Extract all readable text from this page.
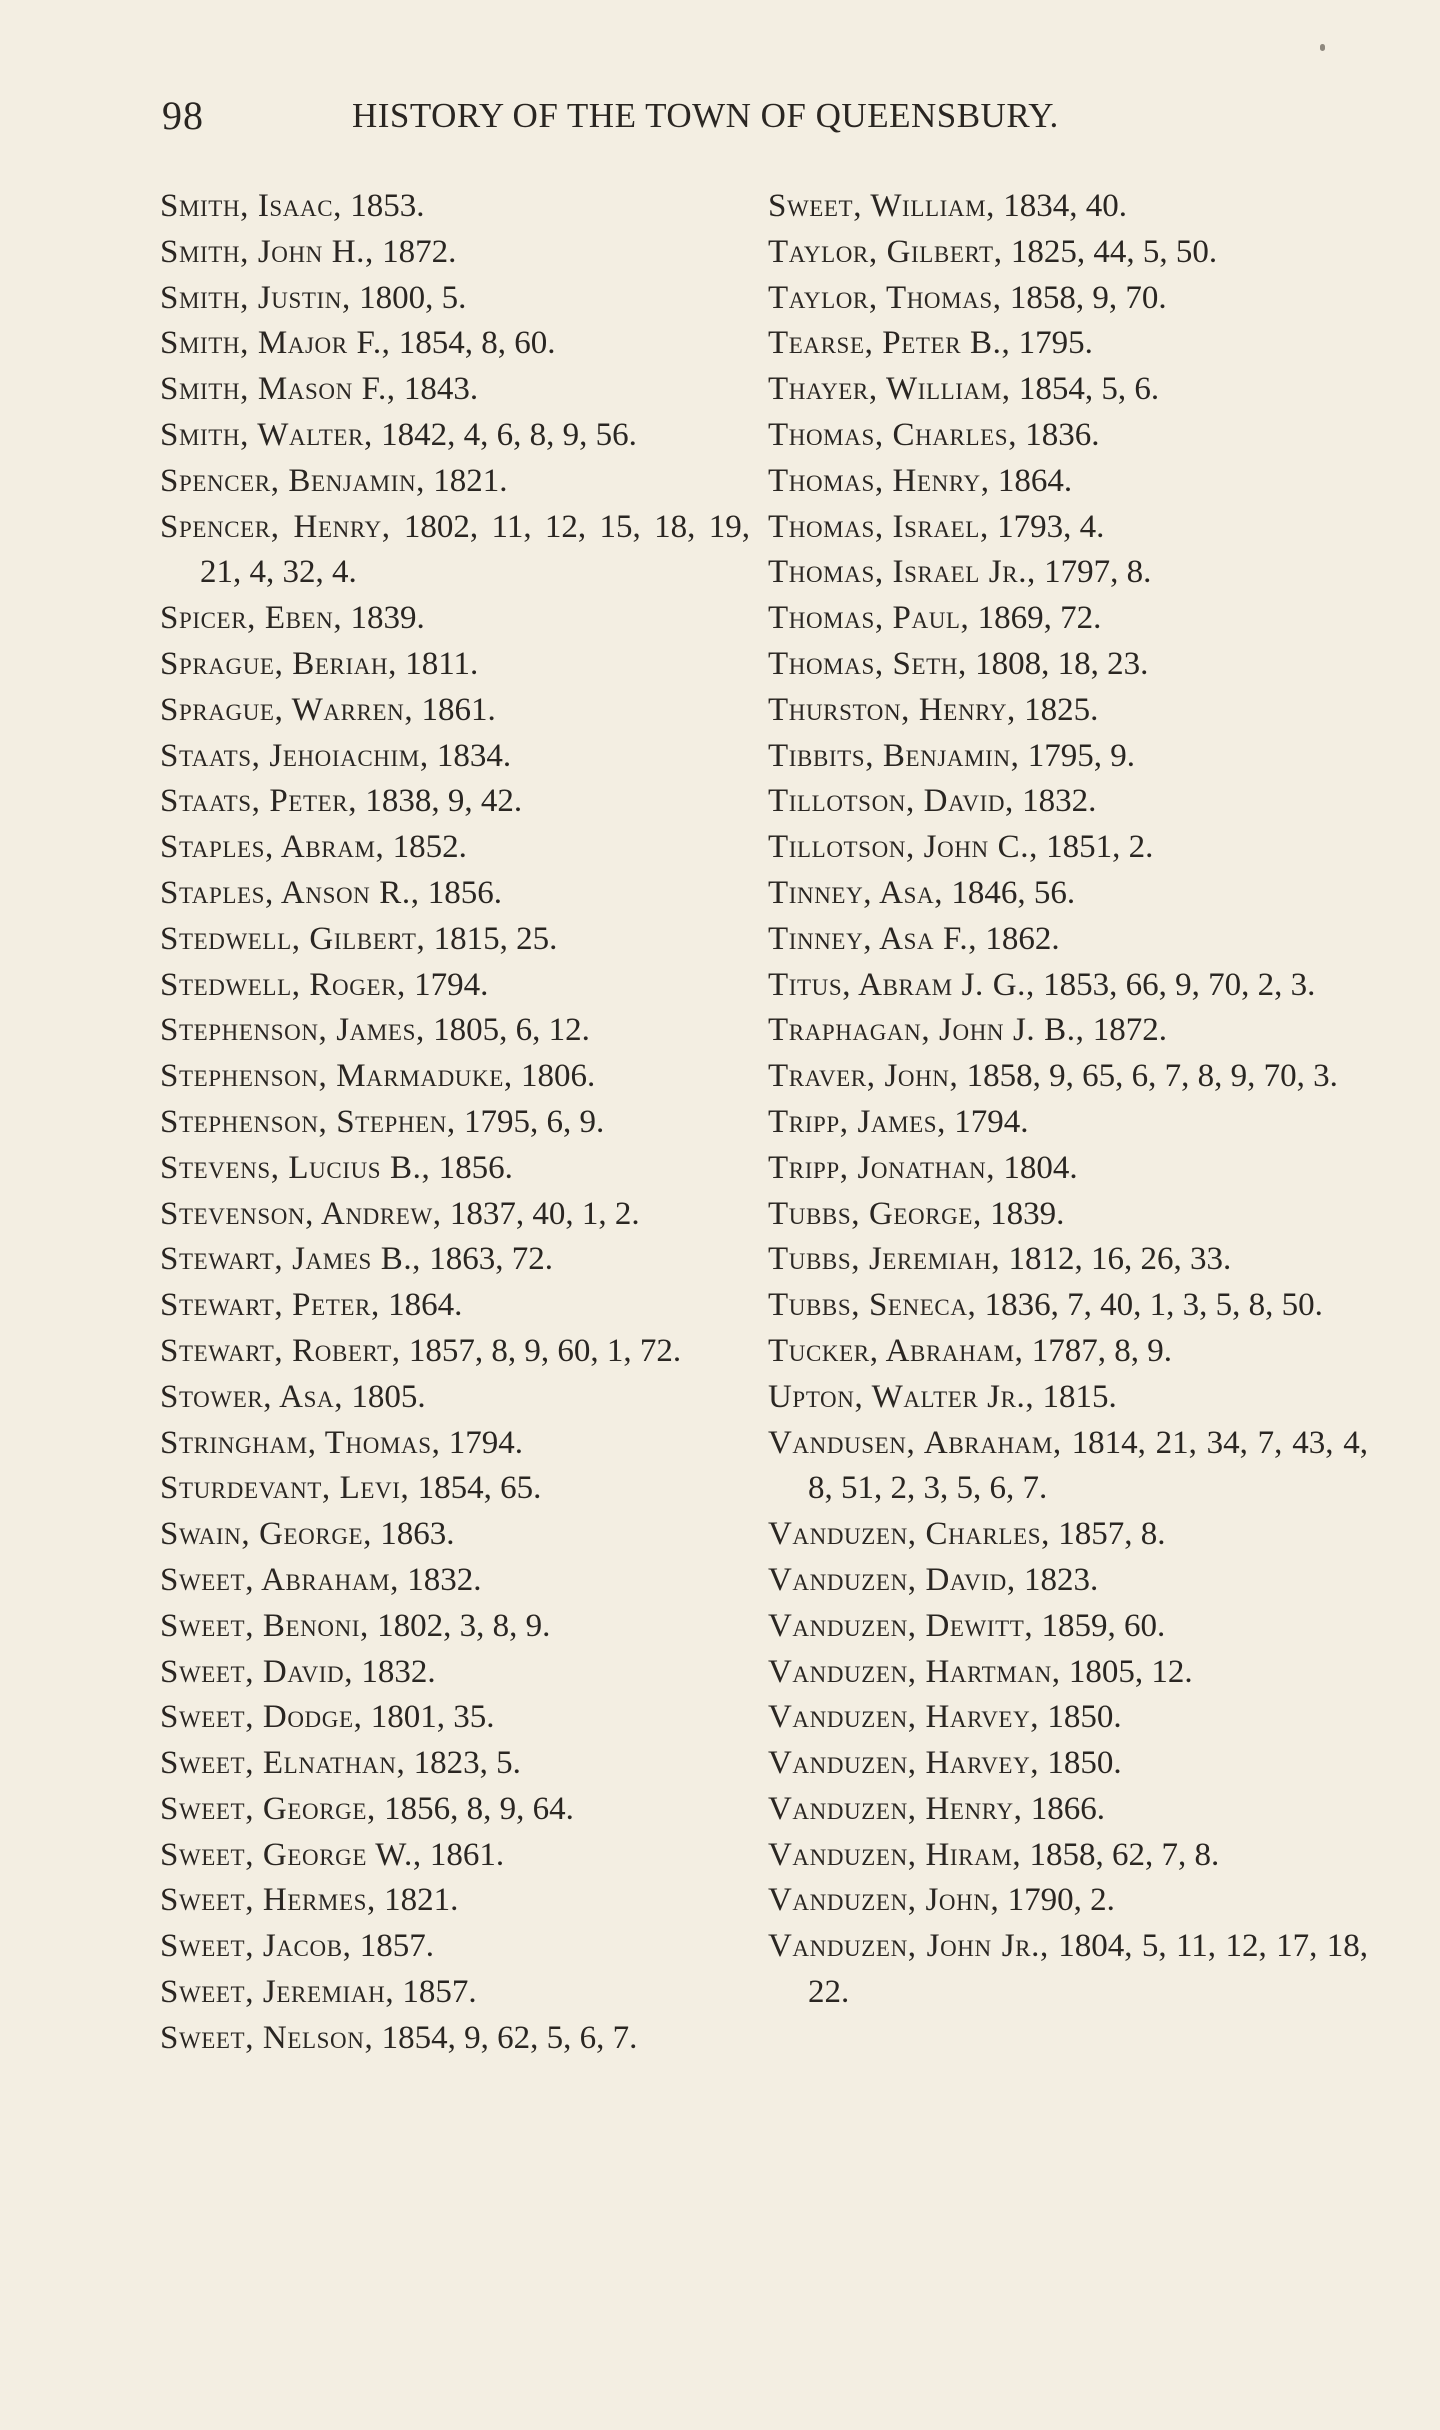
98	HISTORY OF THE TOWN OF QUEENSBURY.
Smith, Isaac, 1853.
Smith, John H., 1872.
Smith, Justin, 1800, 5.
Smith, Major F., 1854, 8, 60.
Smith, Mason F., 1843.
Smith, Walter, 1842, 4, 6, 8, 9, 56.
Spencer, Benjamin, 1821.
Spencer, Henry, 1802, 11, 12, 15, 18, 19, 21, 4, 32, 4.
Spicer, Eben, 1839.
Sprague, Beriah, 1811.
Sprague, Warren, 1861.
Staats, Jehoiachim, 1834.
Staats, Peter, 1838, 9, 42.
Staples, Abram, 1852.
Staples, Anson R., 1856.
Stedwell, Gilbert, 1815, 25.
Stedwell, Roger, 1794.
Stephenson, James, 1805, 6, 12.
Stephenson, Marmaduke, 1806.
Stephenson, Stephen, 1795, 6, 9.
Stevens, Lucius B., 1856.
Stevenson, Andrew, 1837, 40, 1, 2.
Stewart, James B., 1863, 72.
Stewart, Peter, 1864.
Stewart, Robert, 1857, 8, 9, 60, 1, 72.
Stower, Asa, 1805.
Stringham, Thomas, 1794.
Sturdevant, Levi, 1854, 65.
Swain, George, 1863.
Sweet, Abraham, 1832.
Sweet, Benoni, 1802, 3, 8, 9.
Sweet, David, 1832.
Sweet, Dodge, 1801, 35.
Sweet, Elnathan, 1823, 5.
Sweet, George, 1856, 8, 9, 64.
Sweet, George W., 1861.
Sweet, Hermes, 1821.
Sweet, Jacob, 1857.
Sweet, Jeremiah, 1857.
Sweet, Nelson, 1854, 9, 62, 5, 6, 7.
Sweet, William, 1834, 40.
Taylor, Gilbert, 1825, 44, 5, 50.
Taylor, Thomas, 1858, 9, 70.
Tearse, Peter B., 1795.
Thayer, William, 1854, 5, 6.
Thomas, Charles, 1836.
Thomas, Henry, 1864.
Thomas, Israel, 1793, 4.
Thomas, Israel Jr., 1797, 8.
Thomas, Paul, 1869, 72.
Thomas, Seth, 1808, 18, 23.
Thurston, Henry, 1825.
Tibbits, Benjamin, 1795, 9.
Tillotson, David, 1832.
Tillotson, John C., 1851, 2.
Tinney, Asa, 1846, 56.
Tinney, Asa F., 1862.
Titus, Abram J. G., 1853, 66, 9, 70, 2, 3.
Traphagan, John J. B., 1872.
Traver, John, 1858, 9, 65, 6, 7, 8, 9, 70, 3.
Tripp, James, 1794.
Tripp, Jonathan, 1804.
Tubbs, George, 1839.
Tubbs, Jeremiah, 1812, 16, 26, 33.
Tubbs, Seneca, 1836, 7, 40, 1, 3, 5, 8, 50.
Tucker, Abraham, 1787, 8, 9.
Upton, Walter Jr., 1815.
Vandusen, Abraham, 1814, 21, 34, 7, 43, 4, 8, 51, 2, 3, 5, 6, 7.
Vanduzen, Charles, 1857, 8.
Vanduzen, David, 1823.
Vanduzen, Dewitt, 1859, 60.
Vanduzen, Hartman, 1805, 12.
Vanduzen, Harvey, 1850.
Vanduzen, Harvey, 1850.
Vanduzen, Henry, 1866.
Vanduzen, Hiram, 1858, 62, 7, 8.
Vanduzen, John, 1790, 2.
Vanduzen, John Jr., 1804, 5, 11, 12, 17, 18, 22.
